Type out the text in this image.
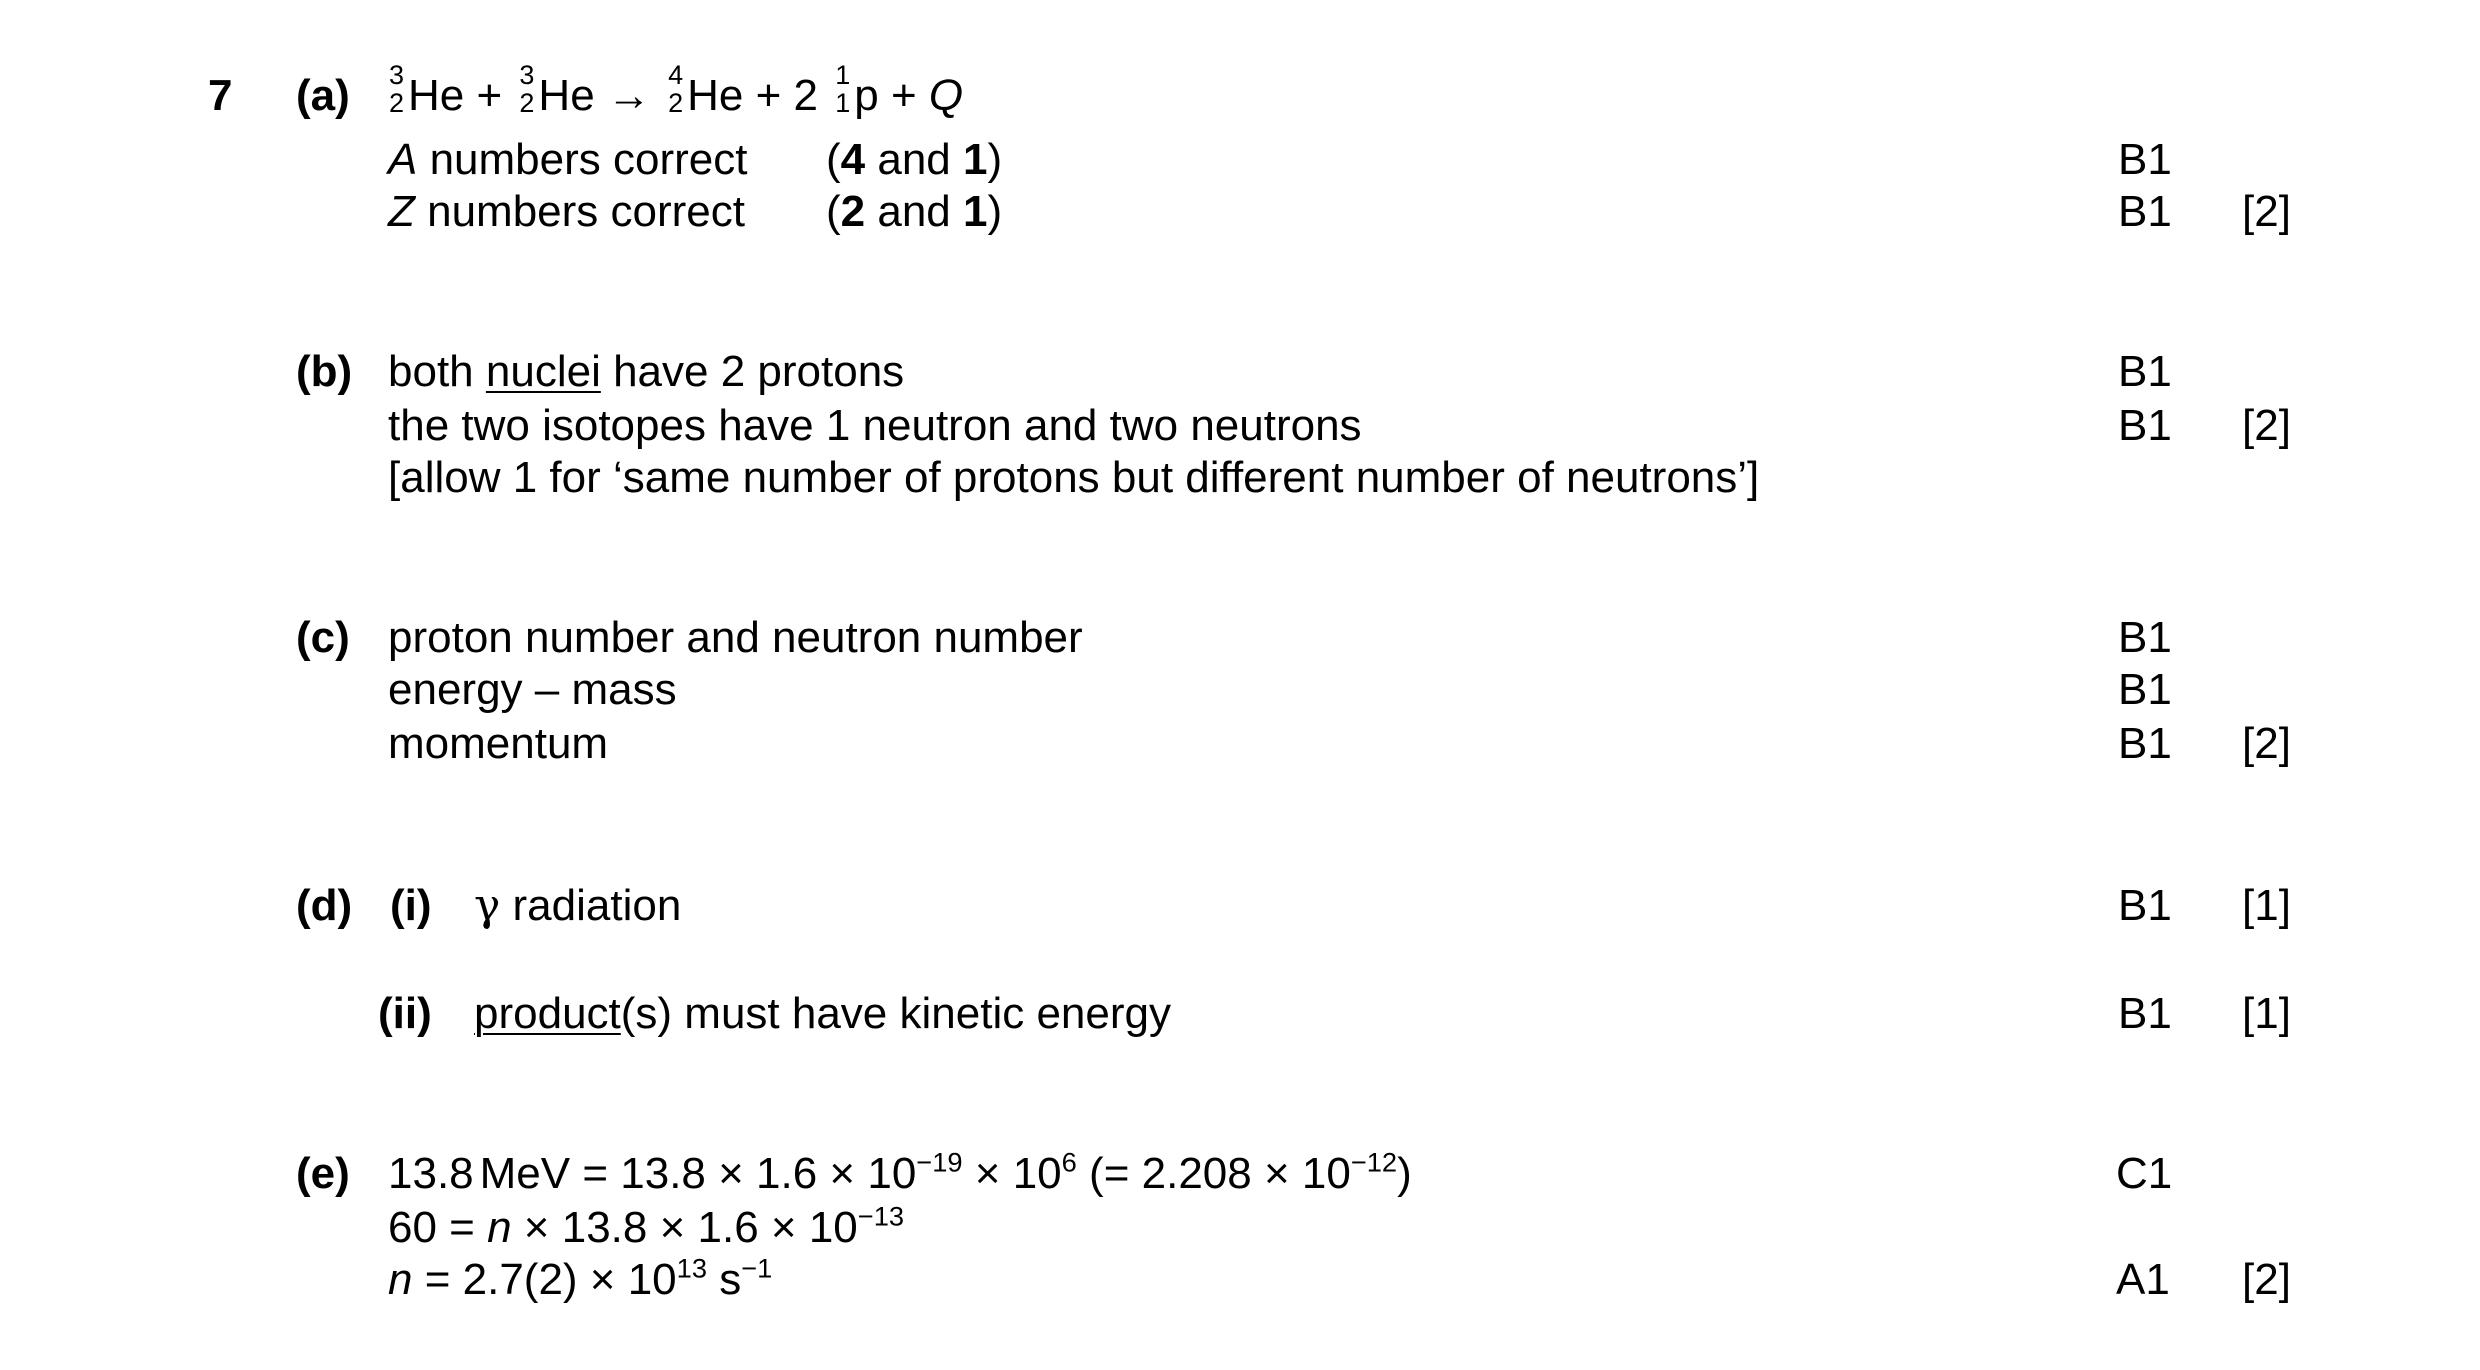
7 (a) 3
2 He + 3
2 He → 4
2 He + 2 1
1 p + Q
A numbers correct (4 and 1)
Z numbers correct (2 and 1)
B1
B1 [2]
(b) both nuclei have 2 protons
the two isotopes have 1 neutron and two neutrons
[allow 1 for ‘same number of protons but different number of neutrons’]
B1
B1 [2]
(c) proton number and neutron number
energy – mass
momentum
B1
B1
B1 [2]
(d) (i) γ radiation	B1 [1]
(ii) product(s) must have kinetic energy	B1 [1]
(e) 13.8 MeV = $13.8 \times 1.6 \times 10^{-19} \times 10^6$ (= $2.208 \times 10^{-12}$)
$60 = n \times 13.8 \times 1.6 \times 10^{-13}$
$n = 2.7(2) \times 10^{13}$ $s^{-1}$
C1
A1 [2]
